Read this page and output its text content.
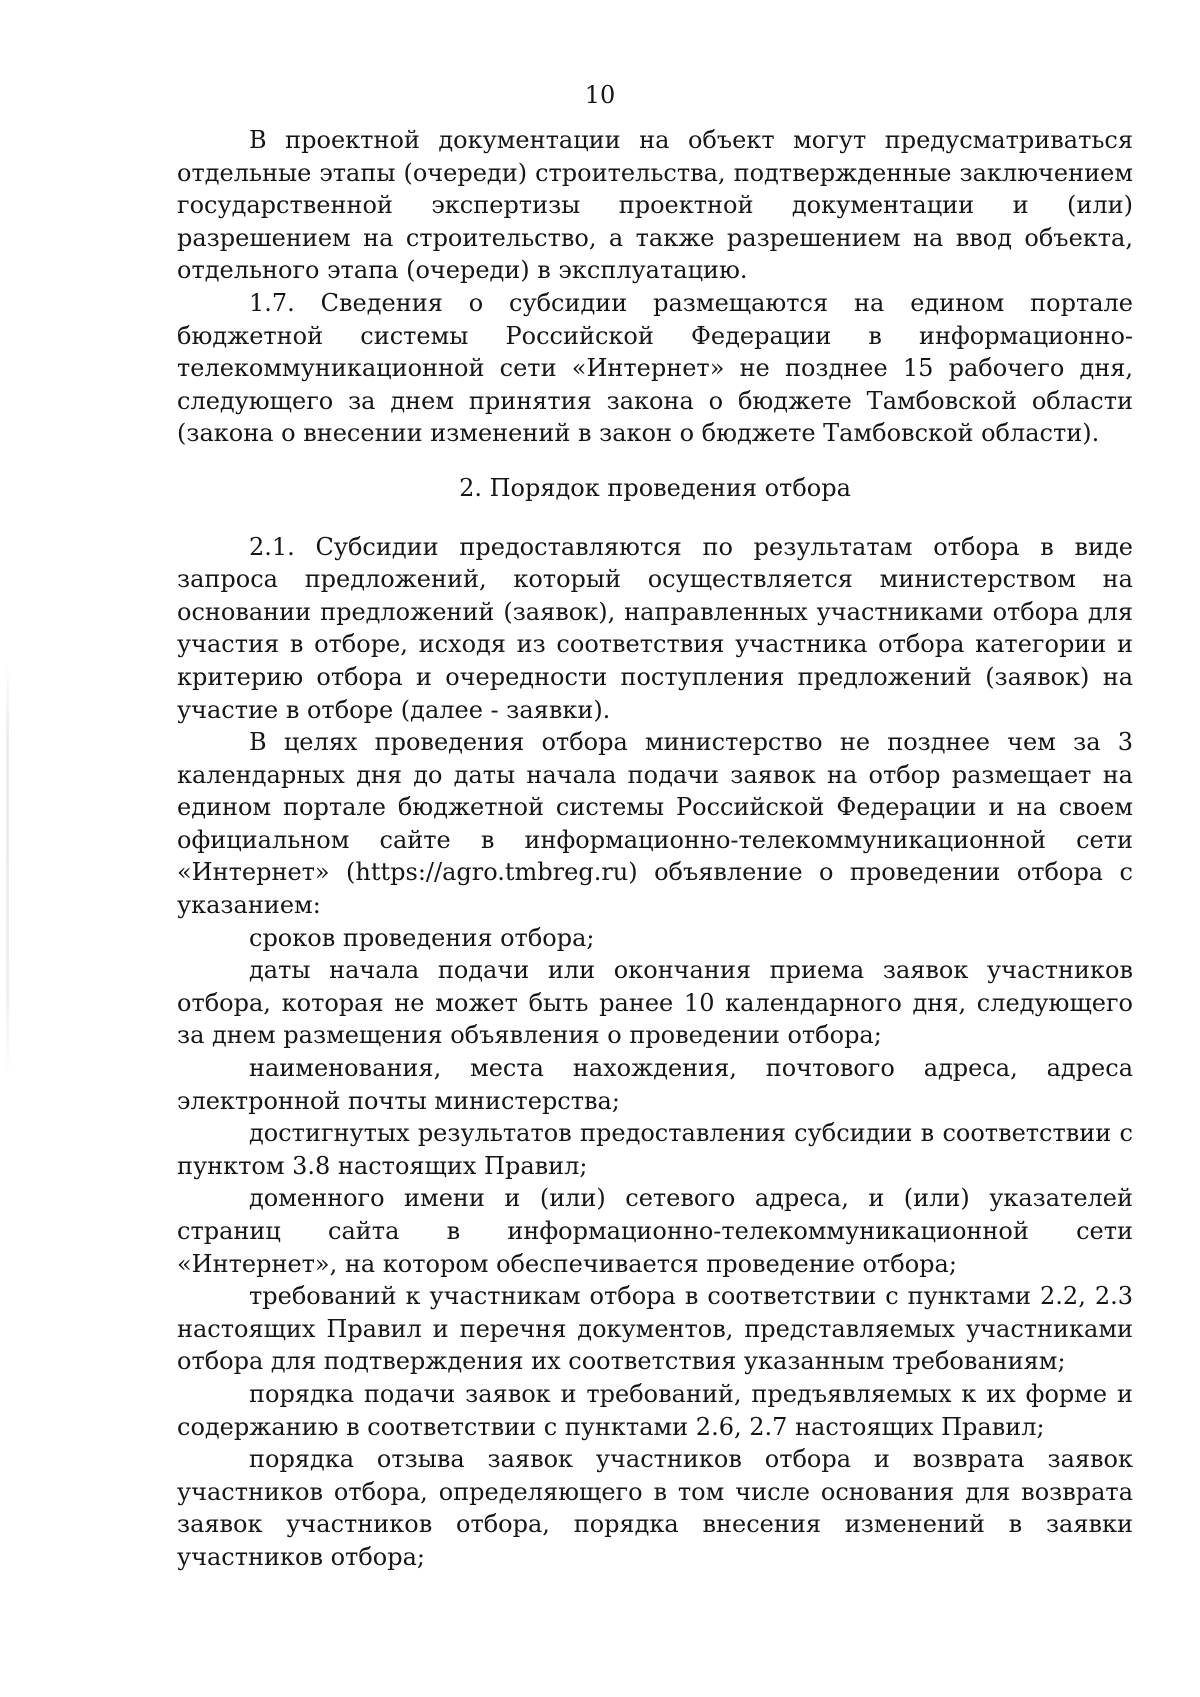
10

В проектной документации на объект могут предусматриваться отдельные этапы (очереди) строительства, подтвержденные заключением государственной экспертизы проектной документации и (или) разрешением на строительство, а также разрешением на ввод объекта, отдельного этапа (очереди) в эксплуатацию.

1.7. Сведения о субсидии размещаются на едином портале бюджетной системы Российской Федерации в информационно-телекоммуникационной сети «Интернет» не позднее 15 рабочего дня, следующего за днем принятия закона о бюджете Тамбовской области (закона о внесении изменений в закон о бюджете Тамбовской области).

2. Порядок проведения отбора

2.1. Субсидии предоставляются по результатам отбора в виде запроса предложений, который осуществляется министерством на основании предложений (заявок), направленных участниками отбора для участия в отборе, исходя из соответствия участника отбора категории и критерию отбора и очередности поступления предложений (заявок) на участие в отборе (далее - заявки).

В целях проведения отбора министерство не позднее чем за 3 календарных дня до даты начала подачи заявок на отбор размещает на едином портале бюджетной системы Российской Федерации и на своем официальном сайте в информационно-телекоммуникационной сети «Интернет» (https://agro.tmbreg.ru) объявление о проведении отбора с указанием:

сроков проведения отбора;

даты начала подачи или окончания приема заявок участников отбора, которая не может быть ранее 10 календарного дня, следующего за днем размещения объявления о проведении отбора;

наименования, места нахождения, почтового адреса, адреса электронной почты министерства;

достигнутых результатов предоставления субсидии в соответствии с пунктом 3.8 настоящих Правил;

доменного имени и (или) сетевого адреса, и (или) указателей страниц сайта в информационно-телекоммуникационной сети «Интернет», на котором обеспечивается проведение отбора;

требований к участникам отбора в соответствии с пунктами 2.2, 2.3 настоящих Правил и перечня документов, представляемых участниками отбора для подтверждения их соответствия указанным требованиям;

порядка подачи заявок и требований, предъявляемых к их форме и содержанию в соответствии с пунктами 2.6, 2.7 настоящих Правил;

порядка отзыва заявок участников отбора и возврата заявок участников отбора, определяющего в том числе основания для возврата заявок участников отбора, порядка внесения изменений в заявки участников отбора;
